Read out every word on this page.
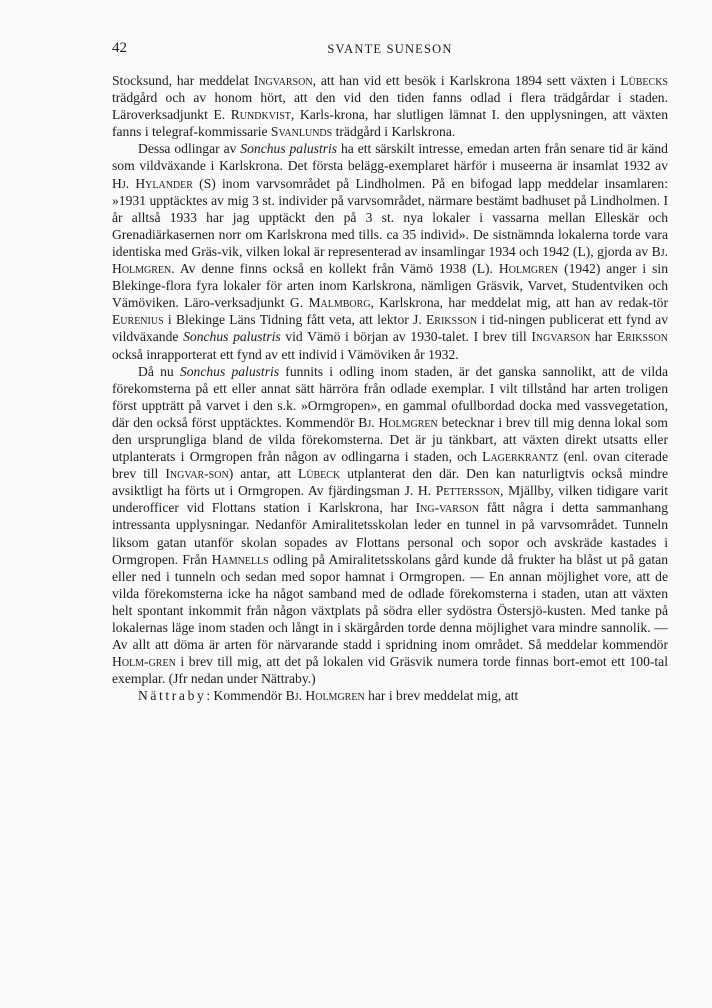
42	SVANTE SUNESON

Stocksund, har meddelat Ingvarson, att han vid ett besök i Karlskrona 1894 sett växten i Lübecks trädgård och av honom hört, att den vid den tiden fanns odlad i flera trädgårdar i staden. Läroverksadjunkt E. Rundkvist, Karls-krona, har slutligen lämnat I. den upplysningen, att växten fanns i telegraf-kommissarie Svanlunds trädgård i Karlskrona.

Dessa odlingar av Sonchus palustris ha ett särskilt intresse, emedan arten från senare tid är känd som vildväxande i Karlskrona. Det första belägg-exemplaret härför i museerna är insamlat 1932 av Hj. Hylander (S) inom varvsområdet på Lindholmen. På en bifogad lapp meddelar insamlaren: »1931 upptäcktes av mig 3 st. individer på varvsområdet, närmare bestämt badhuset på Lindholmen. I år alltså 1933 har jag upptäckt den på 3 st. nya lokaler i vassarna mellan Elleskär och Grenadiärkasernen norr om Karlskrona med tills. ca 35 individ». De sistnämnda lokalerna torde vara identiska med Gräs-vik, vilken lokal är representerad av insamlingar 1934 och 1942 (L), gjorda av Bj. Holmgren. Av denne finns också en kollekt från Vämö 1938 (L). Holmgren (1942) anger i sin Blekinge-flora fyra lokaler för arten inom Karlskrona, nämligen Gräsvik, Varvet, Studentviken och Vämöviken. Läro-verksadjunkt G. Malmborg, Karlskrona, har meddelat mig, att han av redak-tör Eurenius i Blekinge Läns Tidning fått veta, att lektor J. Eriksson i tid-ningen publicerat ett fynd av vildväxande Sonchus palustris vid Vämö i början av 1930-talet. I brev till Ingvarson har Eriksson också inrapporterat ett fynd av ett individ i Vämöviken år 1932.

Då nu Sonchus palustris funnits i odling inom staden, är det ganska sannolikt, att de vilda förekomsterna på ett eller annat sätt härröra från odlade exemplar. I vilt tillstånd har arten troligen först uppträtt på varvet i den s.k. »Ormgropen», en gammal ofullbordad docka med vassvegetation, där den också först upptäcktes. Kommendör Bj. Holmgren betecknar i brev till mig denna lokal som den ursprungliga bland de vilda förekomsterna. Det är ju tänkbart, att växten direkt utsatts eller utplanterats i Ormgropen från någon av odlingarna i staden, och Lagerkrantz (enl. ovan citerade brev till Ingvar-son) antar, att Lübeck utplanterat den där. Den kan naturligtvis också mindre avsiktligt ha förts ut i Ormgropen. Av fjärdingsman J. H. Pettersson, Mjällby, vilken tidigare varit underofficer vid Flottans station i Karlskrona, har Ing-varson fått några i detta sammanhang intressanta upplysningar. Nedanför Amiralitetsskolan leder en tunnel in på varvsområdet. Tunneln liksom gatan utanför skolan sopades av Flottans personal och sopor och avskräde kastades i Ormgropen. Från Hamnells odling på Amiralitetsskolans gård kunde då frukter ha blåst ut på gatan eller ned i tunneln och sedan med sopor hamnat i Ormgropen. — En annan möjlighet vore, att de vilda förekomsterna icke ha något samband med de odlade förekomsterna i staden, utan att växten helt spontant inkommit från någon växtplats på södra eller sydöstra Östersjö-kusten. Med tanke på lokalernas läge inom staden och långt in i skärgården torde denna möjlighet vara mindre sannolik. — Av allt att döma är arten för närvarande stadd i spridning inom området. Så meddelar kommendör Holm-gren i brev till mig, att det på lokalen vid Gräsvik numera torde finnas bort-emot ett 100-tal exemplar. (Jfr nedan under Nättraby.)

Nättraby: Kommendör Bj. Holmgren har i brev meddelat mig, att
